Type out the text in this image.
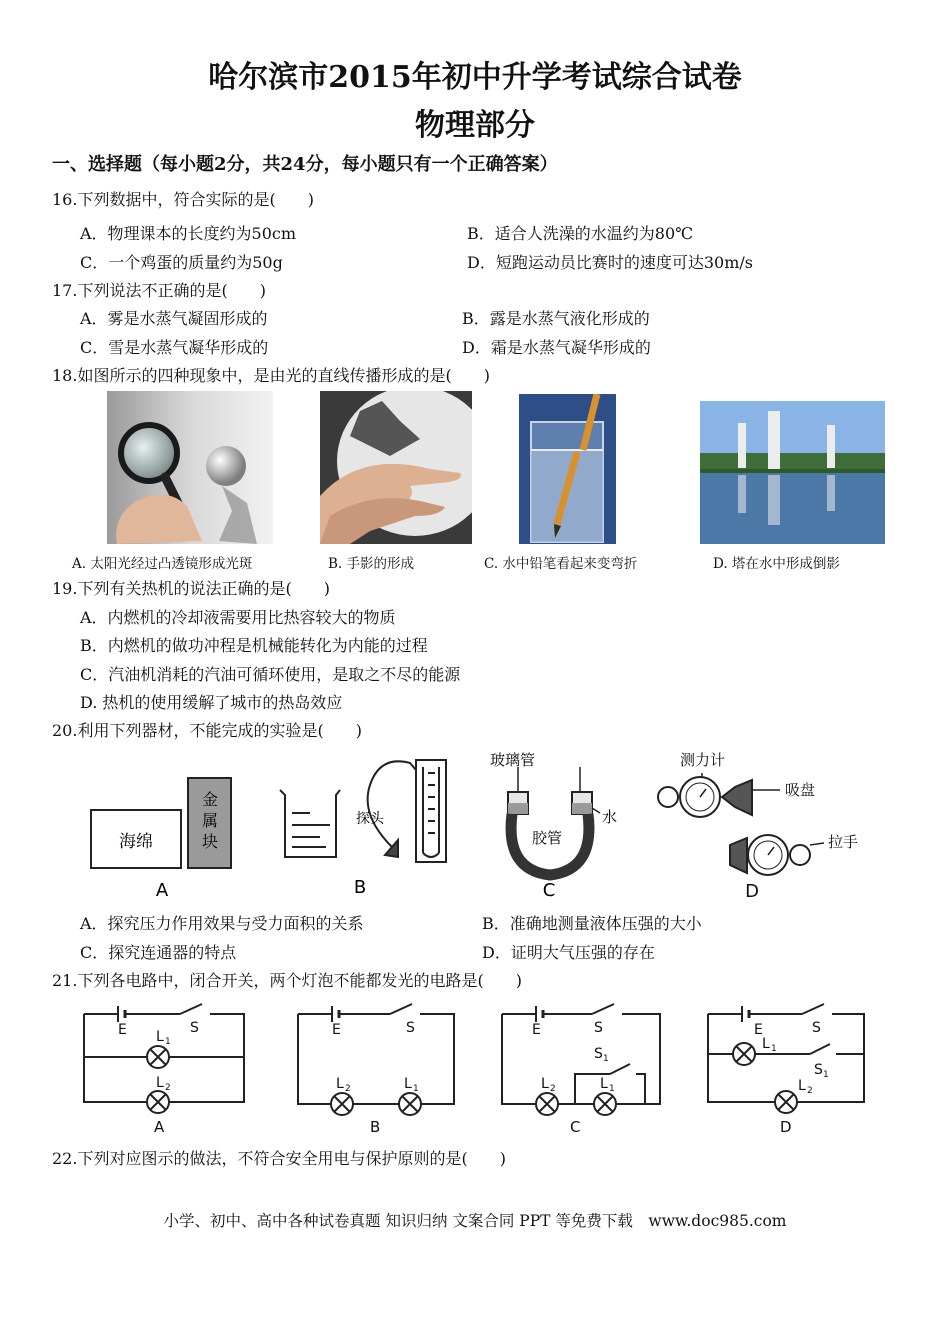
哈尔滨市2015年初中升学考试综合试卷
物理部分
一、选择题（每小题2分，共24分，每小题只有一个正确答案）
16.下列数据中，符合实际的是(　　)
A．物理课本的长度约为50cm	B．适合人洗澡的水温约为80℃
C．一个鸡蛋的质量约为50g	D．短跑运动员比赛时的速度可达30m/s
17.下列说法不正确的是(　　)
A．雾是水蒸气凝固形成的	B．露是水蒸气液化形成的
C．雪是水蒸气凝华形成的	D．霜是水蒸气凝华形成的
18.如图所示的四种现象中，是由光的直线传播形成的是(　　)
A. 太阳光经过凸透镜形成光斑	B. 手影的形成	C. 水中铅笔看起来变弯折	D. 塔在水中形成倒影
19.下列有关热机的说法正确的是(　　)
A．内燃机的冷却液需要用比热容较大的物质
B．内燃机的做功冲程是机械能转化为内能的过程
C．汽油机消耗的汽油可循环使用，是取之不尽的能源
D. 热机的使用缓解了城市的热岛效应
20.利用下列器材，不能完成的实验是(　　)
海绵
金
属
块
A
探头
B
玻璃管
胶管
水
C
测力计
吸盘
拉手
D
A．探究压力作用效果与受力面积的关系	B．准确地测量液体压强的大小
C．探究连通器的特点	D．证明大气压强的存在
21.下列各电路中，闭合开关，两个灯泡不能都发光的电路是(　　)
E	S
L 1
L 2
A
E	S
L 2	L 1
B
E	S
S 1
L 2	L 1
C
E	S
L 1
S 1
L 2
D
22.下列对应图示的做法，不符合安全用电与保护原则的是(　　)
小学、初中、高中各种试卷真题 知识归纳 文案合同 PPT 等免费下载　www.doc985.com
